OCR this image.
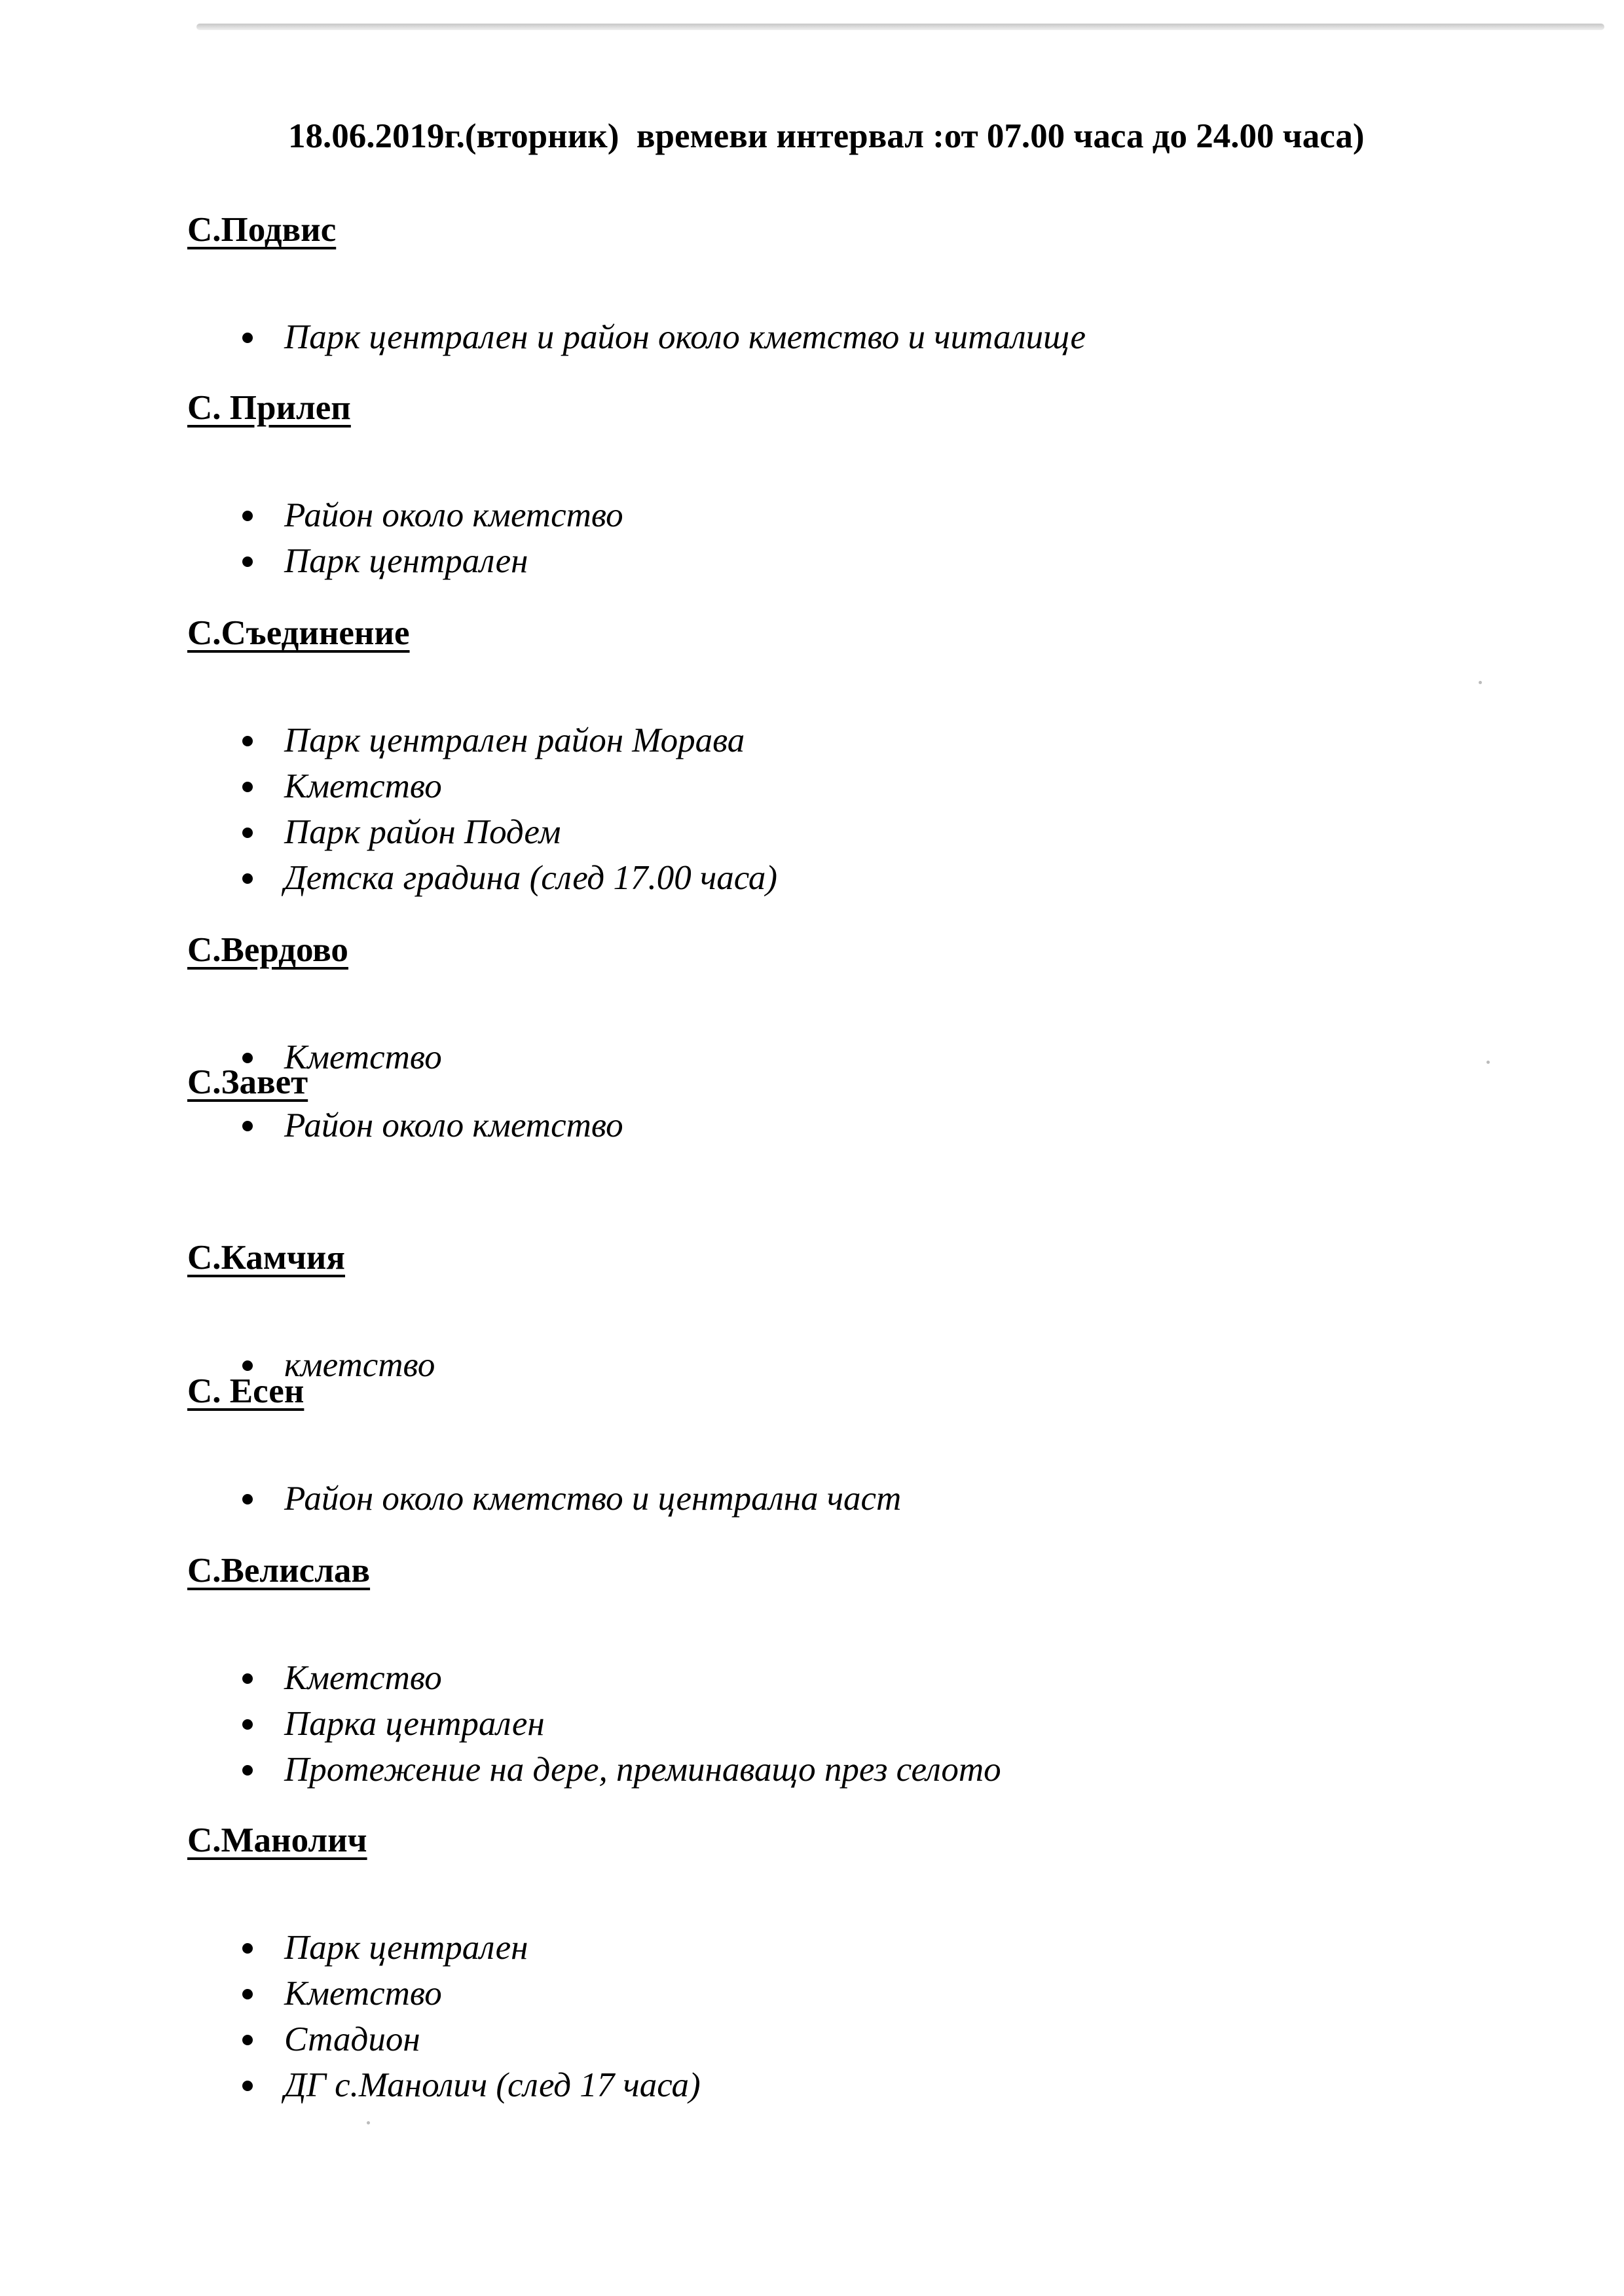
18.06.2019г.(вторник)  времеви интервал :от 07.00 часа до 24.00 часа)
С.Подвис
Парк централен и район около кметство и читалище
С. Прилеп
Район около кметство
Парк централен
С.Съединение
Парк централен район Морава
Кметство
Парк район Подем
Детска градина (след 17.00 часа)
С.Вердово
Кметство
С.Завет
Район около кметство
С.Камчия
кметство
С. Есен
Район около кметство и централна част
С.Велислав
Кметство
Парка централен
Протежение на дере, преминаващо през селото
С.Манолич
Парк централен
Кметство
Стадион
ДГ с.Манолич (след 17 часа)
